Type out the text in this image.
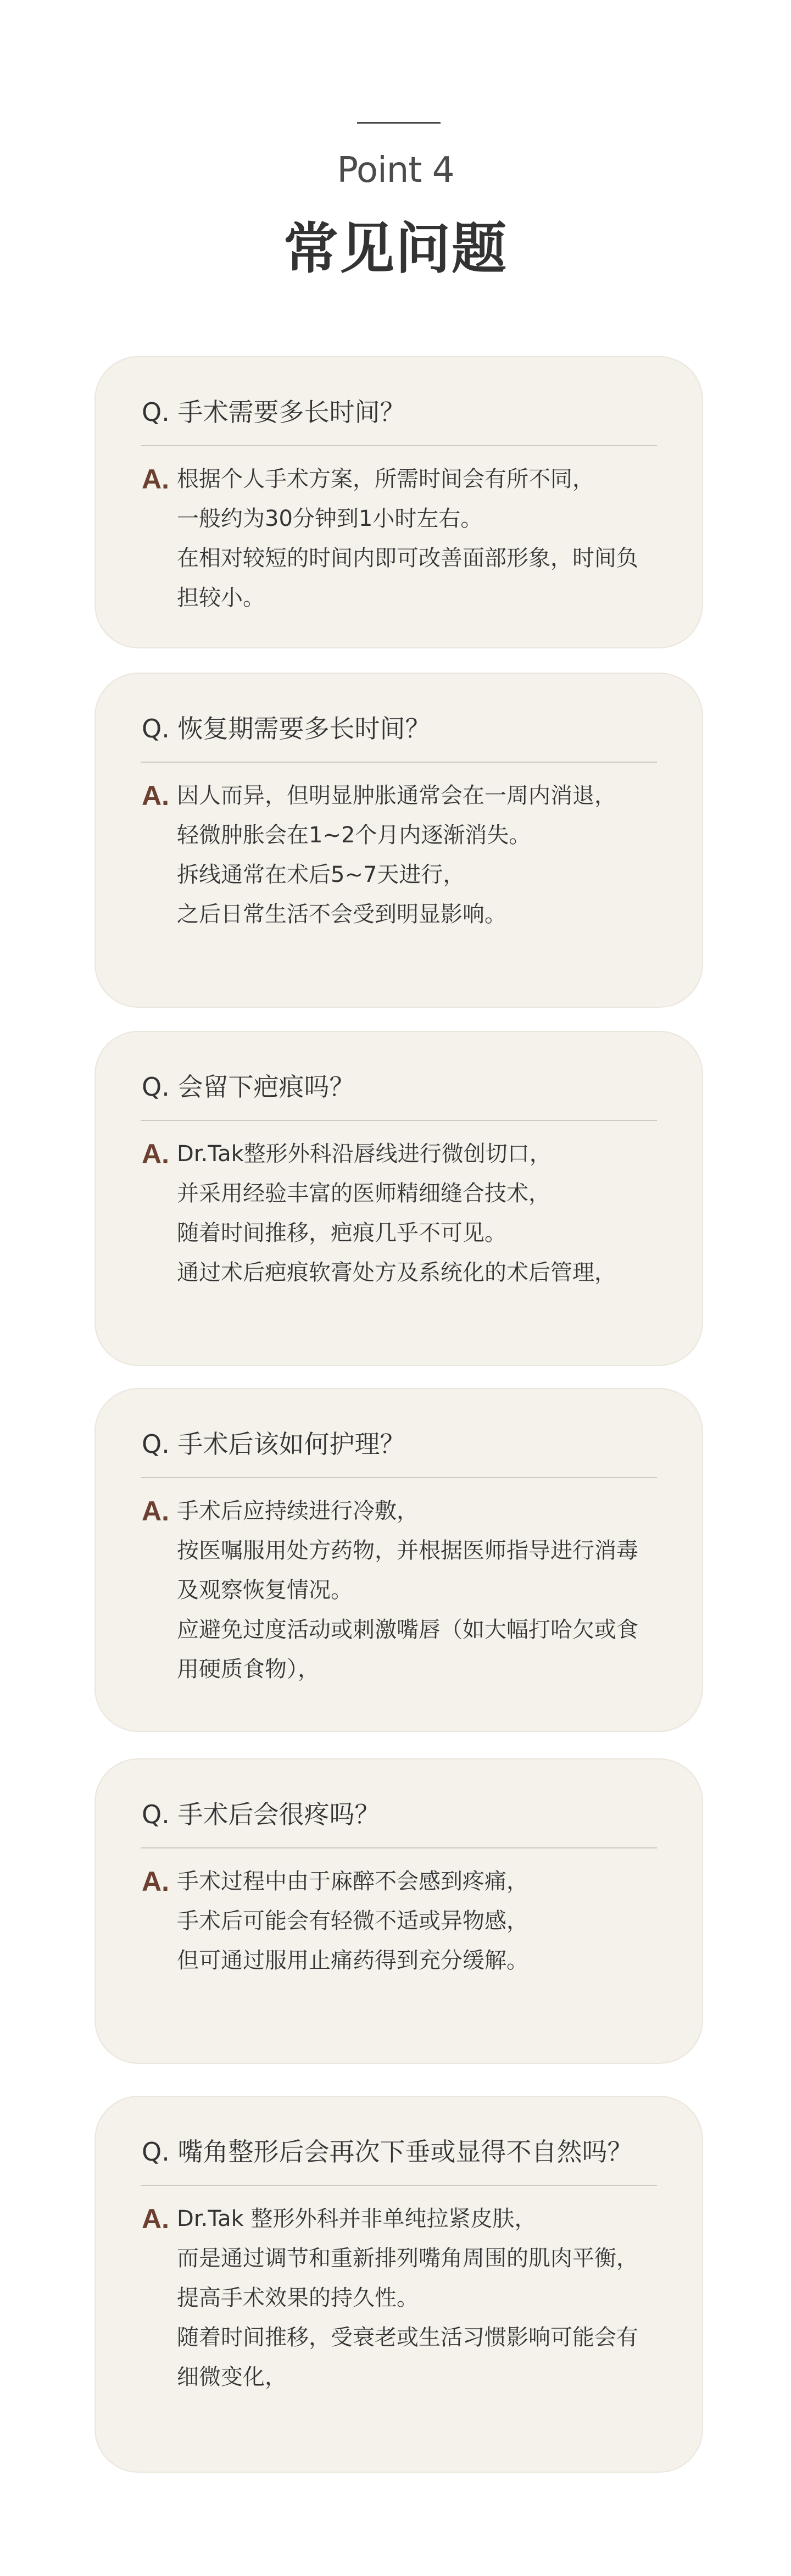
Point 4
常见问题
Q. 手术需要多长时间？
A. 根据个人手术方案，所需时间会有所不同，
一般约为30分钟到1小时左右。
在相对较短的时间内即可改善面部形象，时间负
担较小。
Q. 恢复期需要多长时间？
A. 因人而异，但明显肿胀通常会在一周内消退，
轻微肿胀会在1~2个月内逐渐消失。
拆线通常在术后5~7天进行，
之后日常生活不会受到明显影响。
Q. 会留下疤痕吗？
A. Dr.Tak整形外科沿唇线进行微创切口，
并采用经验丰富的医师精细缝合技术，
随着时间推移，疤痕几乎不可见。
通过术后疤痕软膏处方及系统化的术后管理，
Q. 手术后该如何护理？
A. 手术后应持续进行冷敷，
按医嘱服用处方药物，并根据医师指导进行消毒
及观察恢复情况。
应避免过度活动或刺激嘴唇（如大幅打哈欠或食
用硬质食物），
Q. 手术后会很疼吗？
A. 手术过程中由于麻醉不会感到疼痛，
手术后可能会有轻微不适或异物感，
但可通过服用止痛药得到充分缓解。
Q. 嘴角整形后会再次下垂或显得不自然吗？
A. Dr.Tak 整形外科并非单纯拉紧皮肤，
而是通过调节和重新排列嘴角周围的肌肉平衡，
提高手术效果的持久性。
随着时间推移，受衰老或生活习惯影响可能会有
细微变化，
